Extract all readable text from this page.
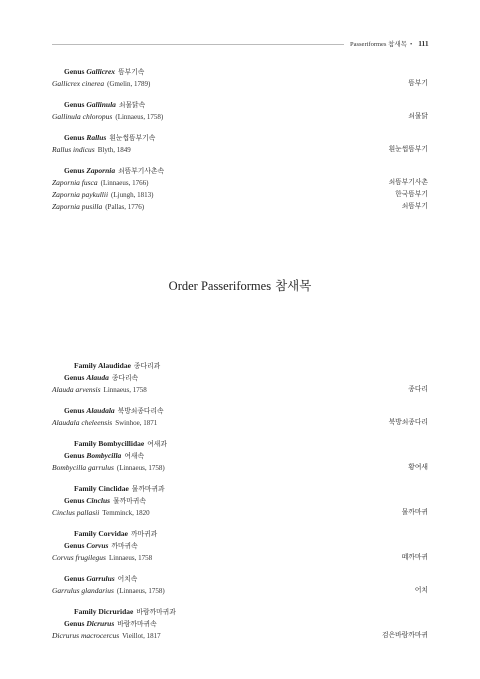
Passeriformes 참새목 • 111
Genus Gallicrex 뜸부기속
Gallicrex cinerea (Gmelin, 1789)	뜸부기
Genus Gallinula 쇠물닭속
Gallinula chloropus (Linnaeus, 1758)	쇠물닭
Genus Rallus 흰눈썹뜸부기속
Rallus indicus Blyth, 1849	흰눈썹뜸부기
Genus Zapornia 쇠뜸부기사촌속
Zapornia fusca (Linnaeus, 1766)	쇠뜸부기사촌
Zapornia paykullii (Ljungh, 1813)	한국뜸부기
Zapornia pusilla (Pallas, 1776)	쇠뜸부기
Order Passeriformes 참새목
Family Alaudidae 종다리과
Genus Alauda 종다리속
Alauda arvensis Linnaeus, 1758	종다리
Genus Alaudala 북방쇠종다리속
Alaudala cheleensis Swinhoe, 1871	북방쇠종다리
Family Bombycillidae 여새과
Genus Bombycilla 여새속
Bombycilla garrulus (Linnaeus, 1758)	황여새
Family Cinclidae 물까마귀과
Genus Cinclus 물까마귀속
Cinclus pallasii Temminck, 1820	물까마귀
Family Corvidae 까마귀과
Genus Corvus 까마귀속
Corvus frugilegus Linnaeus, 1758	떼까마귀
Genus Garrulus 어치속
Garrulus glandarius (Linnaeus, 1758)	어치
Family Dicruridae 바람까마귀과
Genus Dicrurus 바람까마귀속
Dicrurus macrocercus Vieillot, 1817	검은바람까마귀
